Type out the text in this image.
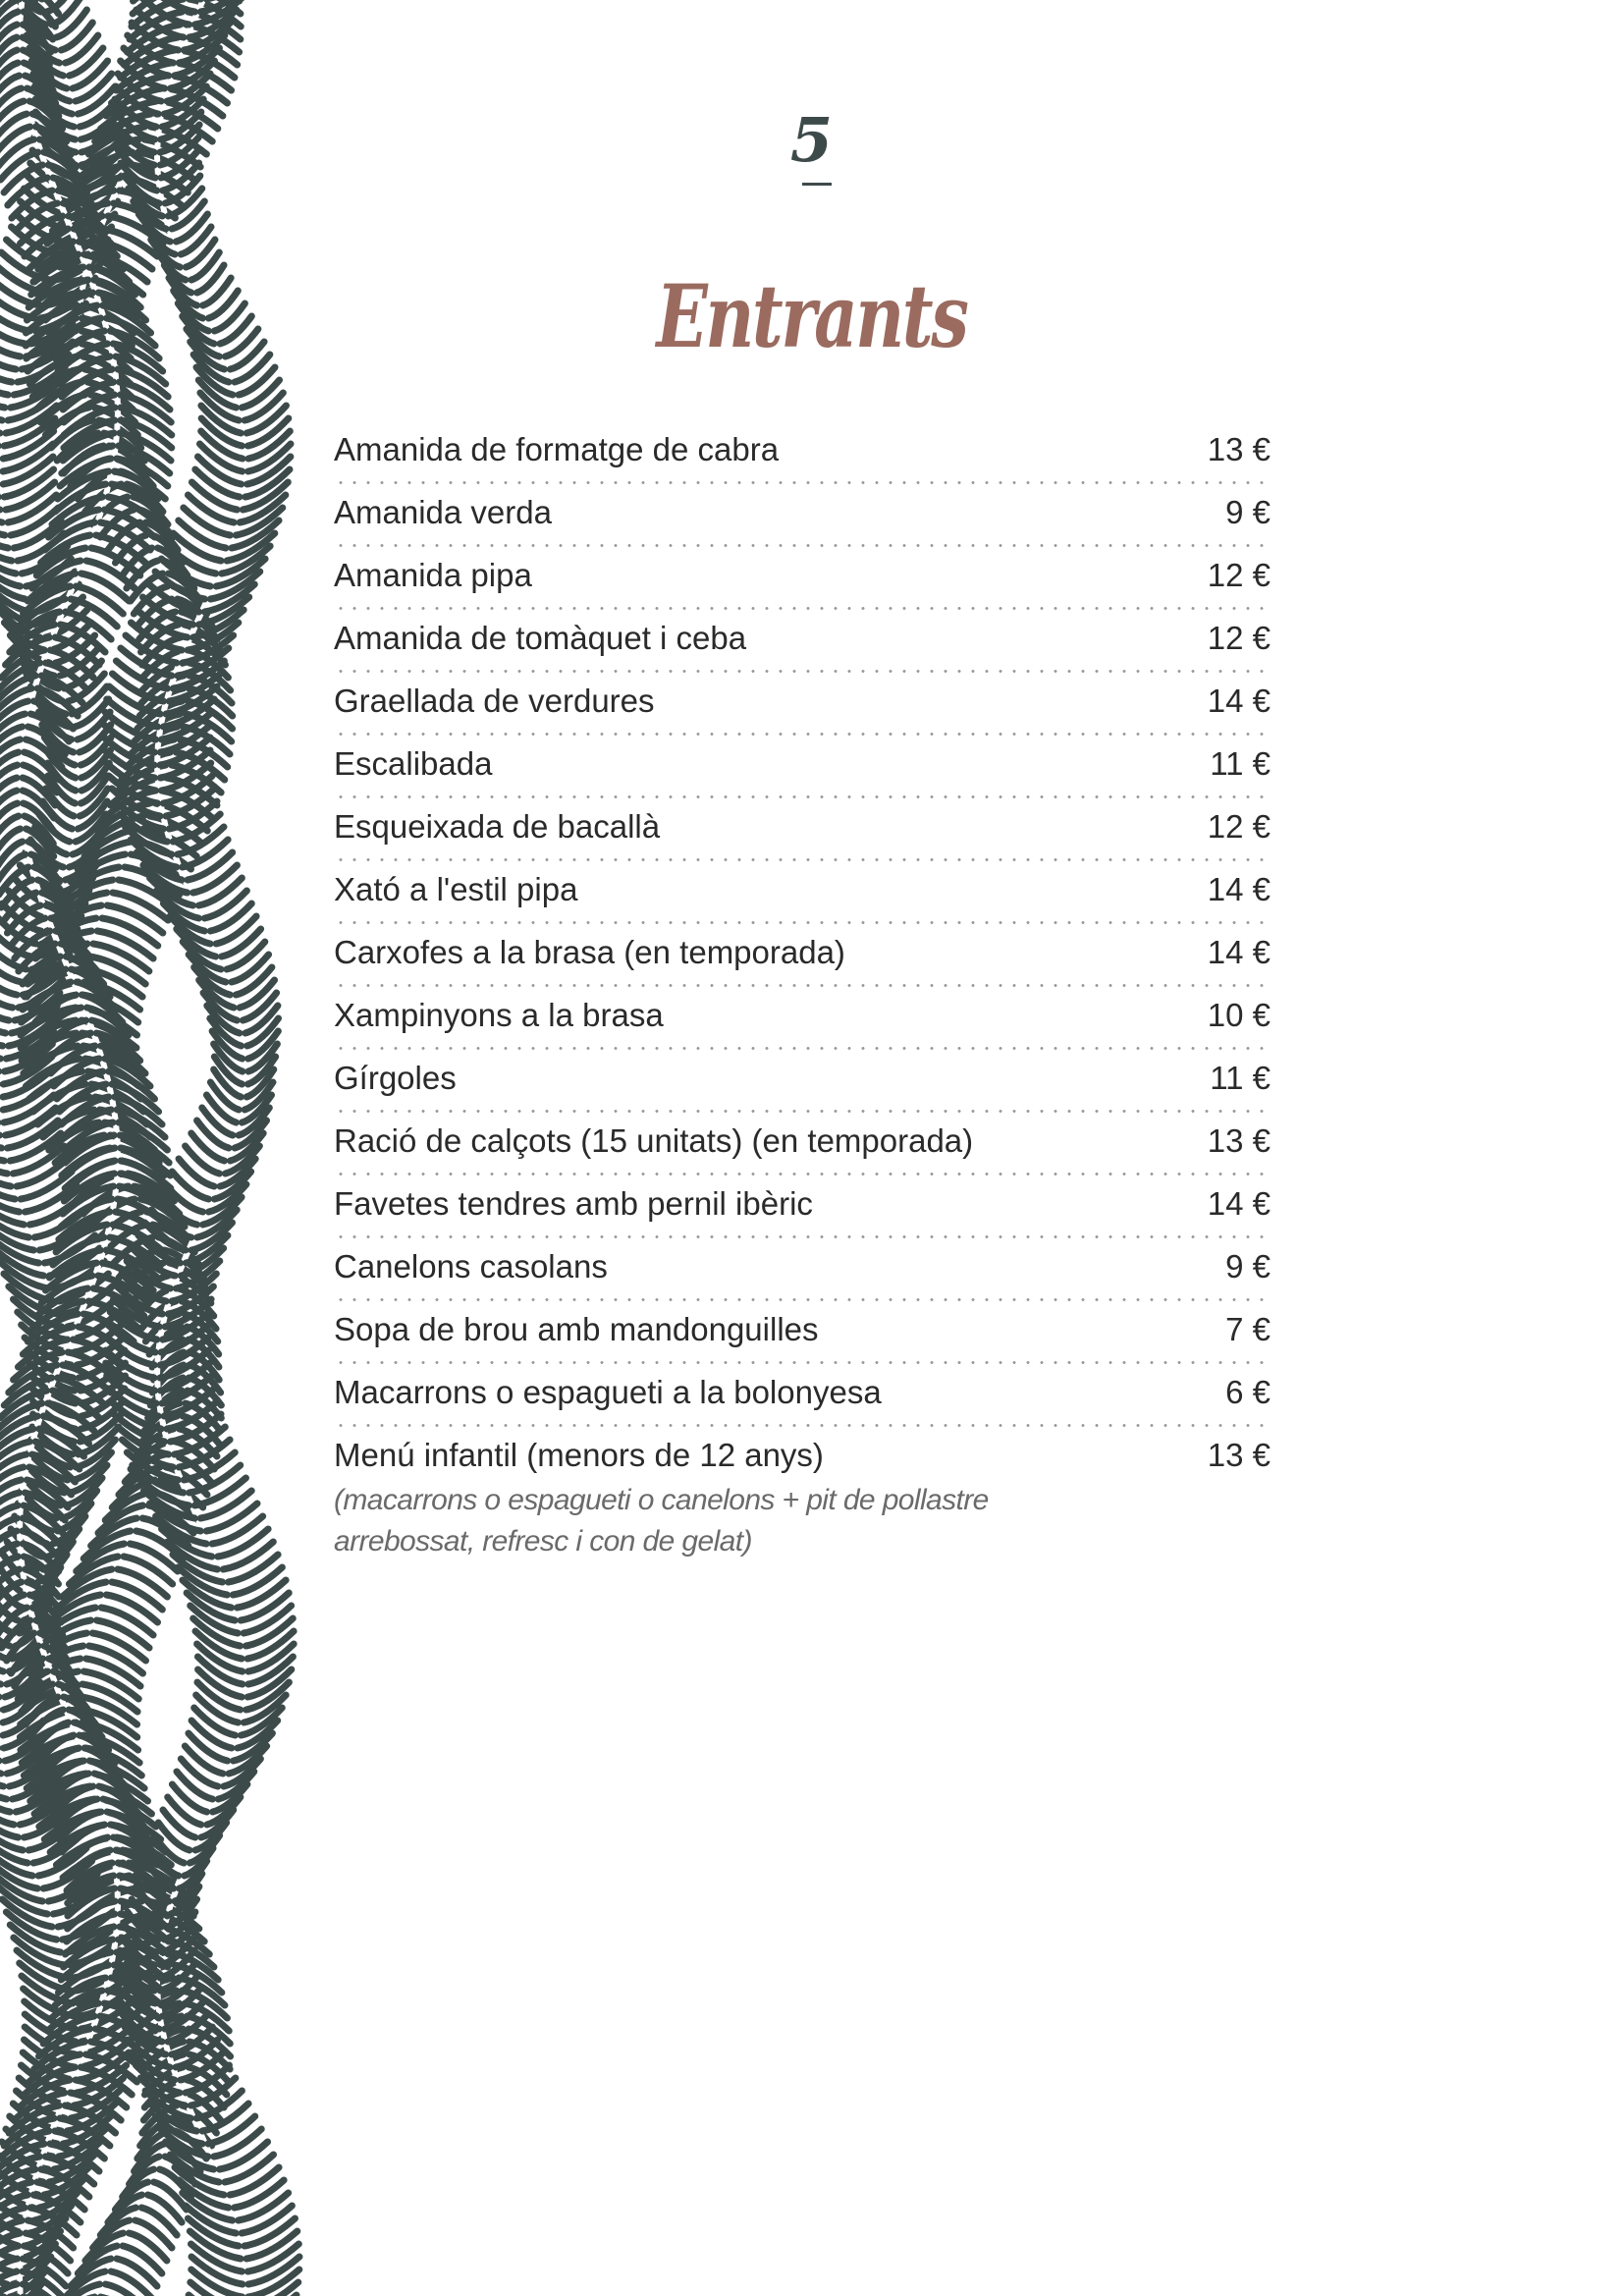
5
Entrants
Amanida de formatge de cabra	13 €
Amanida verda	9 €
Amanida pipa	12 €
Amanida de tomàquet i ceba	12 €
Graellada de verdures	14 €
Escalibada	11 €
Esqueixada de bacallà	12 €
Xató a l'estil pipa	14 €
Carxofes a la brasa (en temporada)	14 €
Xampinyons a la brasa	10 €
Gírgoles	11 €
Ració de calçots (15 unitats) (en temporada)	13 €
Favetes tendres amb pernil ibèric	14 €
Canelons casolans	9 €
Sopa de brou amb mandonguilles	7 €
Macarrons o espagueti a la bolonyesa	6 €
Menú infantil (menors de 12 anys)	13 €
(macarrons o espagueti o canelons + pit de pollastre arrebossat, refresc i con de gelat)
